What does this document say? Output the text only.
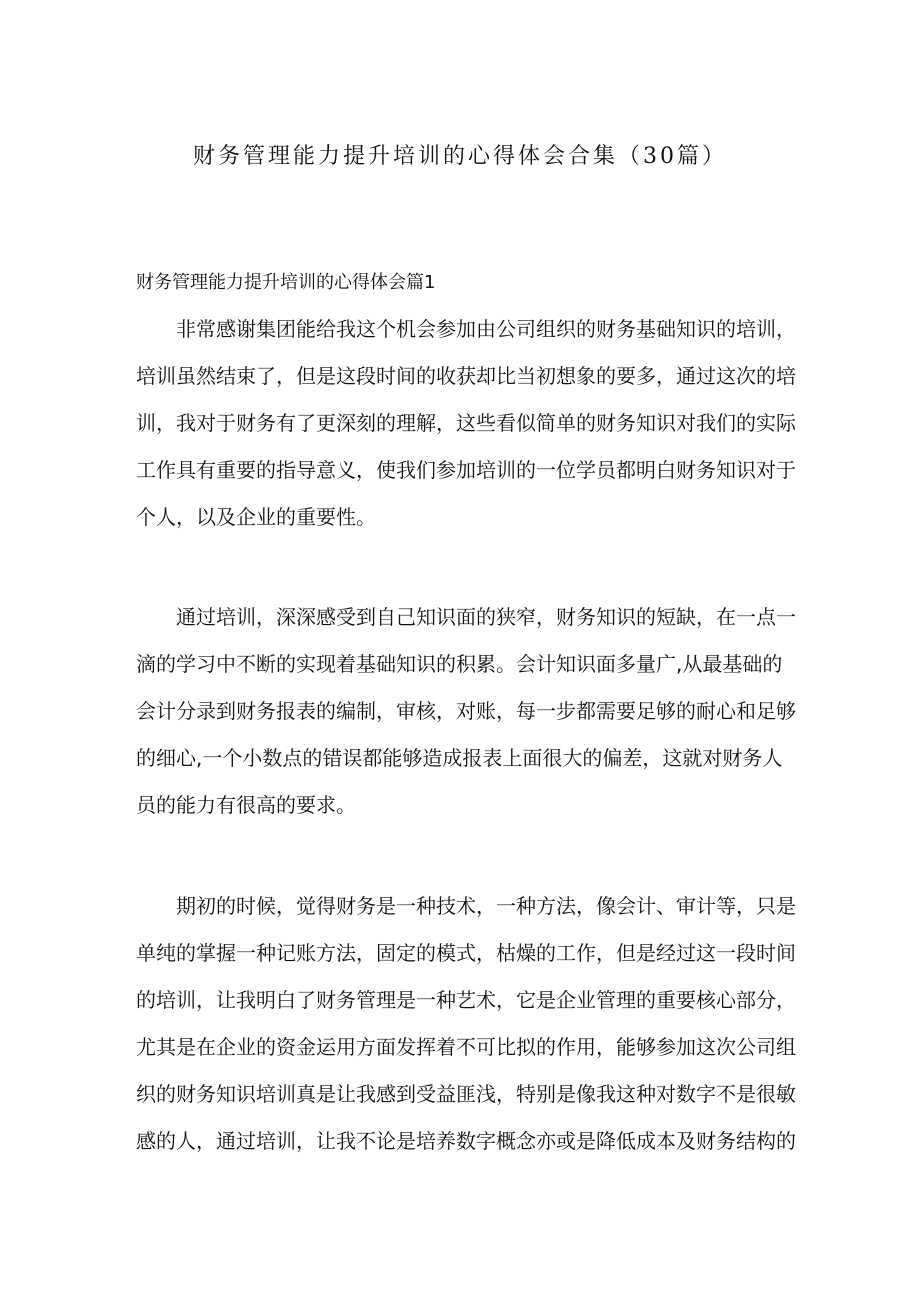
财务管理能力提升培训的心得体会合集（30篇）
财务管理能力提升培训的心得体会篇1

非常感谢集团能给我这个机会参加由公司组织的财务基础知识的培训，培训虽然结束了，但是这段时间的收获却比当初想象的要多，通过这次的培训，我对于财务有了更深刻的理解，这些看似简单的财务知识对我们的实际工作具有重要的指导意义，使我们参加培训的一位学员都明白财务知识对于个人，以及企业的重要性。

通过培训，深深感受到自己知识面的狭窄，财务知识的短缺，在一点一滴的学习中不断的实现着基础知识的积累。会计知识面多量广,从最基础的会计分录到财务报表的编制，审核，对账，每一步都需要足够的耐心和足够的细心,一个小数点的错误都能够造成报表上面很大的偏差，这就对财务人员的能力有很高的要求。

期初的时候，觉得财务是一种技术，一种方法，像会计、审计等，只是单纯的掌握一种记账方法，固定的模式，枯燥的工作，但是经过这一段时间的培训，让我明白了财务管理是一种艺术，它是企业管理的重要核心部分，尤其是在企业的资金运用方面发挥着不可比拟的作用，能够参加这次公司组织的财务知识培训真是让我感到受益匪浅，特别是像我这种对数字不是很敏感的人，通过培训，让我不论是培养数字概念亦或是降低成本及财务结构的
